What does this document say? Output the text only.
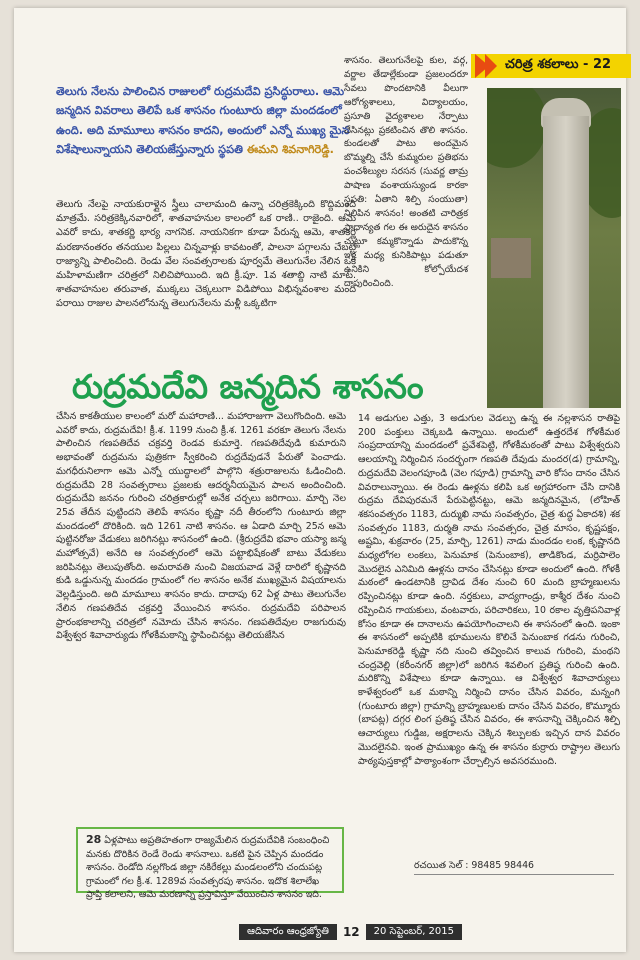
తెలుగు నేలను పాలించిన రాజులలో రుద్రమదేవి ప్రసిద్ధురాలు. ఆమె జన్మదిన వివరాలు తెలిపే ఒక శాసనం గుంటూరు జిల్లా మందడంలో ఉంది. అది మామూలు శాసనం కాదని, అందులో ఎన్నో ముఖ్య మైన విశేషాలున్నాయని తెలియజేస్తున్నారు స్థపతి ఈమని శివనాగిరెడ్డి.

చరిత్ర శకలాలు - 22

శాసనం. తెలుగునేలపై కుల, వర్గ, వర్ణాల తేడాల్లేకుండా ప్రజలందరూ సేవలు పొందటానికి వీలుగా ఆరోగ్యశాలలు, విద్యాలయం, ప్రసూతి వైద్యశాలల నేర్పాటు చేసినట్లు ప్రకటించిన తొలి శాసనం. కుండలతో పాటు అందమైన బొమ్మల్ని చేసే కుమ్మరుల ప్రతిభను పంచశీల్యుల సరసన (సువర్ణ తామ్ర పాషాణ వంశాయస్యుండ కారకా స్థపతి: ఏతాని శిల్పి సంయుతా) నిలిపిన శాసనం! అంతటి చారిత్రక ప్రాధాన్యత గల ఈ అరుదైన శాసనం చుట్టూ కమ్మకొన్నాడు పాదుకొన్న ఇళ్ల మధ్య కునికిపాట్లు పడుతూ ఉనికిని కోల్పోయేదశ దాపురించింది.

తెలుగు నేలపై నాయకురాళ్లైన స్త్రీలు చాలామంది ఉన్నా చరిత్రకెక్కింది కొద్దిమంది మాత్రమే. సరిత్రకెక్కినవారిలో, శాతవాహనుల కాలంలో ఒక రాణి.. రాజైంది. ఆమె ఎవరో కాదు, శాతకర్ణి భార్య నాగనిక. నాయనికగా కూడా పేరున్న ఆమె, శాతకర్ణి మరణానంతరం తనయుల పిల్లలు చిన్నవాళ్లు కావటంతో, పాలనా పగ్గాలను చేబట్టి రాజ్యాన్ని పాలించింది. రెండు వేల సంవత్సరాలకు పూర్వమే తెలుగునేల నేలిన ఒక మహిళామణిగా చరిత్రలో నిలిచిపోయింది. ఇది క్రీ.పూ. 1వ శతాబ్ది నాటి మాట. శాతవాహనుల తరువాత, ముక్కలు చెక్కలుగా విడిపోయి విభిన్నవంశాల మంది పరాయి రాజుల పాలనలోనున్న తెలుగునేలను మళ్లీ ఒక్కటిగా

రుద్రమదేవి జన్మదిన శాసనం

చేసిన కాకతీయుల కాలంలో మరో మహారాణి... మహారాజుగా వెలుగొందింది. ఆమె ఎవరో కాదు, రుద్రమదేవి! క్రీ.శ. 1199 నుంచి క్రీ.శ. 1261 వరకూ తెలుగు నేలను పాలించిన గణపతిదేవ చక్రవర్తి రెండవ కుమార్తె. గణపతిదేవుడి కుమారుని అభావంతో రుద్రమను పుత్రికగా స్వీకరించి రుద్రదేవుడనే పేరుతో పెంచాడు. మగధీరునిలాగా ఆమె ఎన్నో యుద్ధాలలో పాల్గొని శత్రురాజులను ఓడించింది. రుద్రమదేవి 28 సంవత్సరాలు ప్రజలకు ఆదర్శనీయమైన పాలన అందించింది. రుద్రమదేవి జననం గురించి చరిత్రకారుల్లో అనేక చర్చలు జరిగాయి. మార్చి నెల 25వ తేదీన పుట్టిందని తెలిపే శాసనం కృష్ణా నదీ తీరంలోని గుంటూరు జిల్లా మందడంలో దొరికింది. ఇది 1261 నాటి శాసనం. ఆ ఏడాది మార్చి 25న ఆమె పుట్టినరోజు వేడుకలు జరిగినట్లు శాసనంలో ఉంది. (శ్రీరుద్రదేవి భవాం యస్యా జన్మ మహోత్సవే) అనేది ఆ సంవత్సరంలో ఆమె పట్టాభిషేకంతో బాటు వేడుకలు జరిపినట్లు తెలుపుతోంది. అమరావతి నుంచి విజయవాడ వెళ్లే దారిలో కృష్ణానది కుడి ఒడ్డునున్న మందడం గ్రామంలో గల శాసనం అనేక ముఖ్యమైన విషయాలను వెల్లడిస్తుంది. అది మామూలు శాసనం కాదు. దాదాపు 62 ఏళ్ల పాటు తెలుగునేల నేలిన గణపతిదేవ చక్రవర్తి వేయించిన శాసనం. రుద్రమదేవి పరిపాలన ప్రారంభకాలాన్ని చరిత్రలో నమోదు చేసిన శాసనం. గణపతిదేవుల రాజగురువు విశ్వేశ్వర శివాచార్యుడు గోళకీమఠాన్ని స్థాపించినట్లు తెలియజేసిన

14 అడుగుల ఎత్తు, 3 అడుగుల వెడల్పు ఉన్న ఈ నల్లశాసన రాతిపై 200 పంక్తులు చెక్కబడి ఉన్నాయి. అందులో ఉత్తరదేశ గోళకీమఠ సంప్రదాయాన్ని మందడంలో ప్రవేశపెట్టి, గోళకీమఠంతో పాటు విశ్వేశ్వరుని ఆలయాన్ని నిర్మించిన సందర్భంగా గణపతి దేవుడు మందర(డ) గ్రామాన్ని, రుద్రమదేవి వెలంగపూండి (వెల గపూడి) గ్రామాన్ని వారి కోసం దానం చేసిన వివరాలున్నాయి. ఈ రెండు ఊళ్లను కలిపి ఒక అగ్రహారంగా చేసి దానికి రుద్రమ దేవిపురమనే పేరుపెట్టినట్టు, ఆమె జన్మదినమైన, (లోహిత్ శకసంవత్సరం 1183, దుర్ముఖి నామ సంవత్సరం, చైత్ర శుద్ధ ఏకాదశి) శక సంవత్సరం 1183, దుర్మతి నామ సంవత్సరం, చైత్ర మాసం, కృష్ణపక్షం, అష్టమి, శుక్రవారం (25, మార్చి, 1261) నాడు మందడం లంక, కృష్ణానది మధ్యలోగల లంకలు, పెనుమాక (పెనుంబాక), తాడికొండ, మర్రిపాలెం మొదలైన ఎనిమిది ఊళ్లను దానం చేసినట్లు కూడా అందులో ఉంది. గోళకీ మఠంలో ఉండటానికి ద్రావిడ దేశం నుంచి 60 మంది బ్రాహ్మణులను రప్పించినట్లు కూడా ఉంది. నర్తకులు, వాద్యగాండ్రు, కాశ్మీర దేశం నుంచి రప్పించిన గాయకులు, వంటవారు, పరిచారికలు, 10 రకాల వృత్తిపనివాళ్ల కోసం కూడా ఈ దానాలను ఉపయోగించాలని ఈ శాసనంలో ఉంది. ఇంకా ఈ శాసనంలో అప్పటికి భూములను కొలిచే పెనుంబాక గడను గురించి, పెనుమాకరెడ్డి కృష్ణా నది నుంచి తవ్వించిన కాలువ గురించి, మంథని చంద్రవెల్లి (కరీంనగర్ జిల్లా)లో జరిగిన శివలింగ ప్రతిష్ఠ గురించి ఉంది. మరికొన్ని విశేషాలు కూడా ఉన్నాయి. ఆ విశ్వేశ్వర శివాచార్యులు కాళేశ్వరంలో ఒక మఠాన్ని నిర్మించి దానం చేసిన వివరం, మన్నంగి (గుంటూరు జిల్లా) గ్రామాన్ని బ్రాహ్మణులకు దానం చేసిన వివరం, కొమ్మూరు (బాపట్ల) దగ్గర లింగ ప్రతిష్ఠ చేసిన వివరం, ఈ శాసనాన్ని చెక్కించిన శిల్పి ఆచార్యులు గుడ్డిజ, అక్షరాలను చెక్కిన శిల్పులకు ఇచ్చిన దాన వివరం మొదలైనవి. ఇంత ప్రాముఖ్యం ఉన్న ఈ శాసనం కుర్రారు రాష్ట్రాల తెలుగు పాఠ్యపుస్తకాల్లో పాఠ్యాంశంగా చేర్చాల్సిన అవసరముంది.

28 ఏళ్లపాటు అప్రతిహతంగా రాజ్యమేలిన రుద్రమదేవికి సంబంధించి మనకు దొరికిన రెండే రెండు శాసనాలు. ఒకటి పైన చెప్పిన మందడం శాసనం. రెండోది నల్లగొండ జిల్లా నకిరేకల్లు మండలంలోని చందుపట్ల గ్రామంలో గల క్రీ.శ. 1289వ సంవత్సరపు శాసనం. ఇదొక శిలాలేఖ ప్రాప్తి కలాలని, ఆమె మరణాన్ని ప్రస్తావిస్తూ వేయించిన శాసనం ఇది.

రచయిత సెల్ : 98485 98446
ఆదివారం ఆంధ్రజ్యోతి	12	20 సెప్టెంబర్, 2015
